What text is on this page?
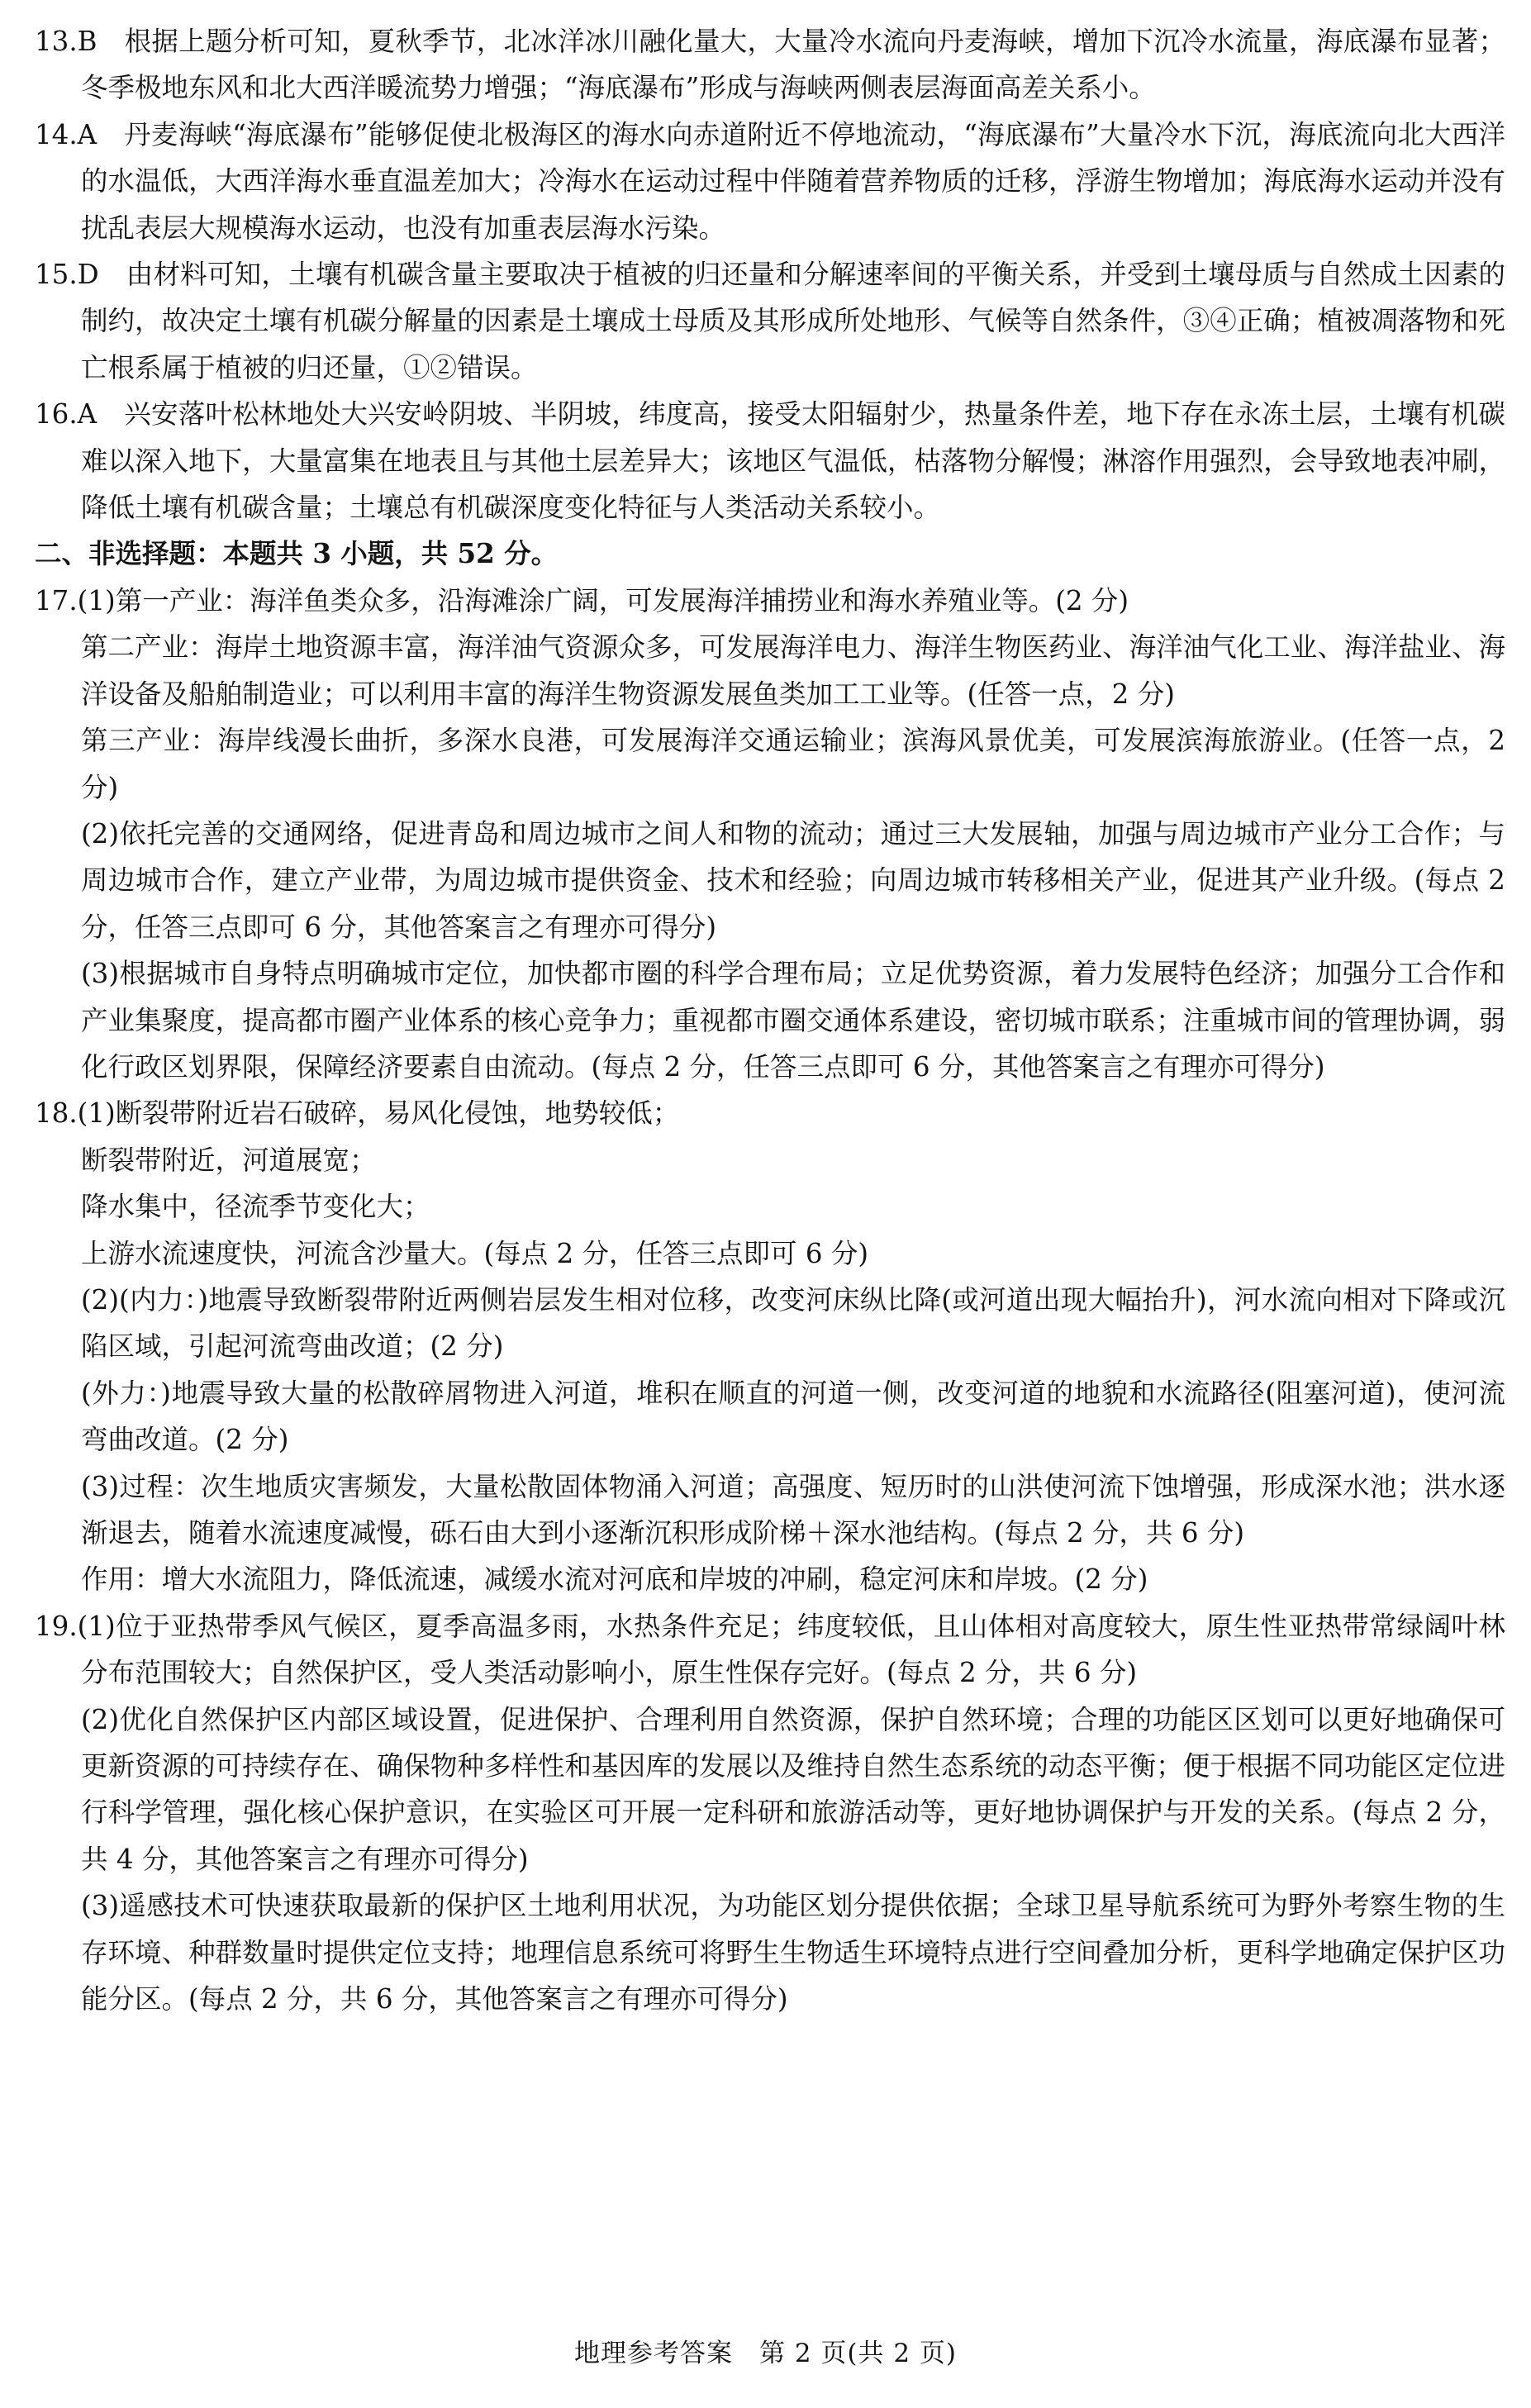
13.B　根据上题分析可知，夏秋季节，北冰洋冰川融化量大，大量冷水流向丹麦海峡，增加下沉冷水流量，海底瀑布显著；冬季极地东风和北大西洋暖流势力增强；“海底瀑布”形成与海峡两侧表层海面高差关系小。

14.A　丹麦海峡“海底瀑布”能够促使北极海区的海水向赤道附近不停地流动，“海底瀑布”大量冷水下沉，海底流向北大西洋的水温低，大西洋海水垂直温差加大；冷海水在运动过程中伴随着营养物质的迁移，浮游生物增加；海底海水运动并没有扰乱表层大规模海水运动，也没有加重表层海水污染。

15.D　由材料可知，土壤有机碳含量主要取决于植被的归还量和分解速率间的平衡关系，并受到土壤母质与自然成土因素的制约，故决定土壤有机碳分解量的因素是土壤成土母质及其形成所处地形、气候等自然条件，③④正确；植被凋落物和死亡根系属于植被的归还量，①②错误。

16.A　兴安落叶松林地处大兴安岭阴坡、半阴坡，纬度高，接受太阳辐射少，热量条件差，地下存在永冻土层，土壤有机碳难以深入地下，大量富集在地表且与其他土层差异大；该地区气温低，枯落物分解慢；淋溶作用强烈，会导致地表冲刷，降低土壤有机碳含量；土壤总有机碳深度变化特征与人类活动关系较小。

二、非选择题：本题共 3 小题，共 52 分。

17.(1)第一产业：海洋鱼类众多，沿海滩涂广阔，可发展海洋捕捞业和海水养殖业等。(2 分)

第二产业：海岸土地资源丰富，海洋油气资源众多，可发展海洋电力、海洋生物医药业、海洋油气化工业、海洋盐业、海洋设备及船舶制造业；可以利用丰富的海洋生物资源发展鱼类加工工业等。(任答一点，2 分)

第三产业：海岸线漫长曲折，多深水良港，可发展海洋交通运输业；滨海风景优美，可发展滨海旅游业。(任答一点，2 分)

(2)依托完善的交通网络，促进青岛和周边城市之间人和物的流动；通过三大发展轴，加强与周边城市产业分工合作；与周边城市合作，建立产业带，为周边城市提供资金、技术和经验；向周边城市转移相关产业，促进其产业升级。(每点 2 分，任答三点即可 6 分，其他答案言之有理亦可得分)

(3)根据城市自身特点明确城市定位，加快都市圈的科学合理布局；立足优势资源，着力发展特色经济；加强分工合作和产业集聚度，提高都市圈产业体系的核心竞争力；重视都市圈交通体系建设，密切城市联系；注重城市间的管理协调，弱化行政区划界限，保障经济要素自由流动。(每点 2 分，任答三点即可 6 分，其他答案言之有理亦可得分)

18.(1)断裂带附近岩石破碎，易风化侵蚀，地势较低；

断裂带附近，河道展宽；

降水集中，径流季节变化大；

上游水流速度快，河流含沙量大。(每点 2 分，任答三点即可 6 分)

(2)(内力：)地震导致断裂带附近两侧岩层发生相对位移，改变河床纵比降(或河道出现大幅抬升)，河水流向相对下降或沉陷区域，引起河流弯曲改道；(2 分)

(外力：)地震导致大量的松散碎屑物进入河道，堆积在顺直的河道一侧，改变河道的地貌和水流路径(阻塞河道)，使河流弯曲改道。(2 分)

(3)过程：次生地质灾害频发，大量松散固体物涌入河道；高强度、短历时的山洪使河流下蚀增强，形成深水池；洪水逐渐退去，随着水流速度减慢，砾石由大到小逐渐沉积形成阶梯＋深水池结构。(每点 2 分，共 6 分)

作用：增大水流阻力，降低流速，减缓水流对河底和岸坡的冲刷，稳定河床和岸坡。(2 分)

19.(1)位于亚热带季风气候区，夏季高温多雨，水热条件充足；纬度较低，且山体相对高度较大，原生性亚热带常绿阔叶林分布范围较大；自然保护区，受人类活动影响小，原生性保存完好。(每点 2 分，共 6 分)

(2)优化自然保护区内部区域设置，促进保护、合理利用自然资源，保护自然环境；合理的功能区区划可以更好地确保可更新资源的可持续存在、确保物种多样性和基因库的发展以及维持自然生态系统的动态平衡；便于根据不同功能区定位进行科学管理，强化核心保护意识，在实验区可开展一定科研和旅游活动等，更好地协调保护与开发的关系。(每点 2 分，共 4 分，其他答案言之有理亦可得分)

(3)遥感技术可快速获取最新的保护区土地利用状况，为功能区划分提供依据；全球卫星导航系统可为野外考察生物的生存环境、种群数量时提供定位支持；地理信息系统可将野生生物适生环境特点进行空间叠加分析，更科学地确定保护区功能分区。(每点 2 分，共 6 分，其他答案言之有理亦可得分)

地理参考答案　第 2 页(共 2 页)
